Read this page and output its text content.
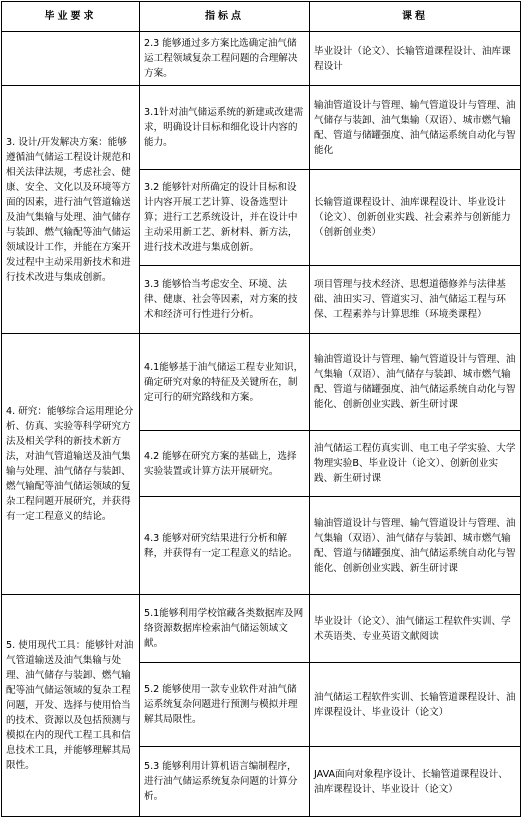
毕业要求	指标点	课程
	2.3 能够通过多方案比选确定油气储运工程领域复杂工程问题的合理解决方案。	毕业设计（论文）、长输管道课程设计、油库课程设计
3. 设计/开发解决方案：能够遵循油气储运工程设计规范和相关法律法规，考虑社会、健康、安全、文化以及环境等方面的因素，进行油气管道输送及油气集输与处理、油气储存与装卸、燃气输配等油气储运领域设计工作，并能在方案开发过程中主动采用新技术和进行技术改进与集成创新。	3.1针对油气储运系统的新建或改建需求，明确设计目标和细化设计内容的能力。	输油管道设计与管理、输气管道设计与管理、油气储存与装卸、油气集输（双语）、城市燃气输配、管道与储罐强度、油气储运系统自动化与智能化
	3.2 能够针对所确定的设计目标和设计内容开展工艺计算、设备选型计算；进行工艺系统设计，并在设计中主动采用新工艺、新材料、新方法，进行技术改进与集成创新。	长输管道课程设计、油库课程设计、毕业设计（论文）、创新创业实践、社会素养与创新能力（创新创业类）
	3.3 能够恰当考虑安全、环境、法律、健康、社会等因素，对方案的技术和经济可行性进行分析。	项目管理与技术经济、思想道德修养与法律基础、油田实习、管道实习、油气储运工程与环保、工程素养与计算思维（环境类课程）
4. 研究：能够综合运用理论分析、仿真、实验等科学研究方法及相关学科的新技术新方法，对油气管道输送及油气集输与处理、油气储存与装卸、燃气输配等油气储运领域的复杂工程问题开展研究，并获得有一定工程意义的结论。	4.1能够基于油气储运工程专业知识，确定研究对象的特征及关键所在，制定可行的研究路线和方案。	输油管道设计与管理、输气管道设计与管理、油气集输（双语）、油气储存与装卸、城市燃气输配、管道与储罐强度、油气储运系统自动化与智能化、创新创业实践、新生研讨课
	4.2 能够在研究方案的基础上，选择实验装置或计算方法开展研究。	油气储运工程仿真实训、电工电子学实验、大学物理实验B、毕业设计（论文）、创新创业实践、新生研讨课
	4.3 能够对研究结果进行分析和解释，并获得有一定工程意义的结论。	输油管道设计与管理、输气管道设计与管理、油气集输（双语）、油气储存与装卸、城市燃气输配、管道与储罐强度、油气储运系统自动化与智能化、创新创业实践、新生研讨课
5. 使用现代工具：能够针对油气管道输送及油气集输与处理、油气储存与装卸、燃气输配等油气储运领域的复杂工程问题，开发、选择与使用恰当的技术、资源以及包括预测与模拟在内的现代工程工具和信息技术工具，并能够理解其局限性。	5.1能够利用学校馆藏各类数据库及网络资源数据库检索油气储运领域文献。	毕业设计（论文）、油气储运工程软件实训、学术英语类、专业英语文献阅读
	5.2 能够使用一款专业软件对油气储运系统复杂问题进行预测与模拟并理解其局限性。	油气储运工程软件实训、长输管道课程设计、油库课程设计、毕业设计（论文）
	5.3 能够利用计算机语言编制程序，进行油气储运系统复杂问题的计算分析。	JAVA面向对象程序设计、长输管道课程设计、油库课程设计、毕业设计（论文）
